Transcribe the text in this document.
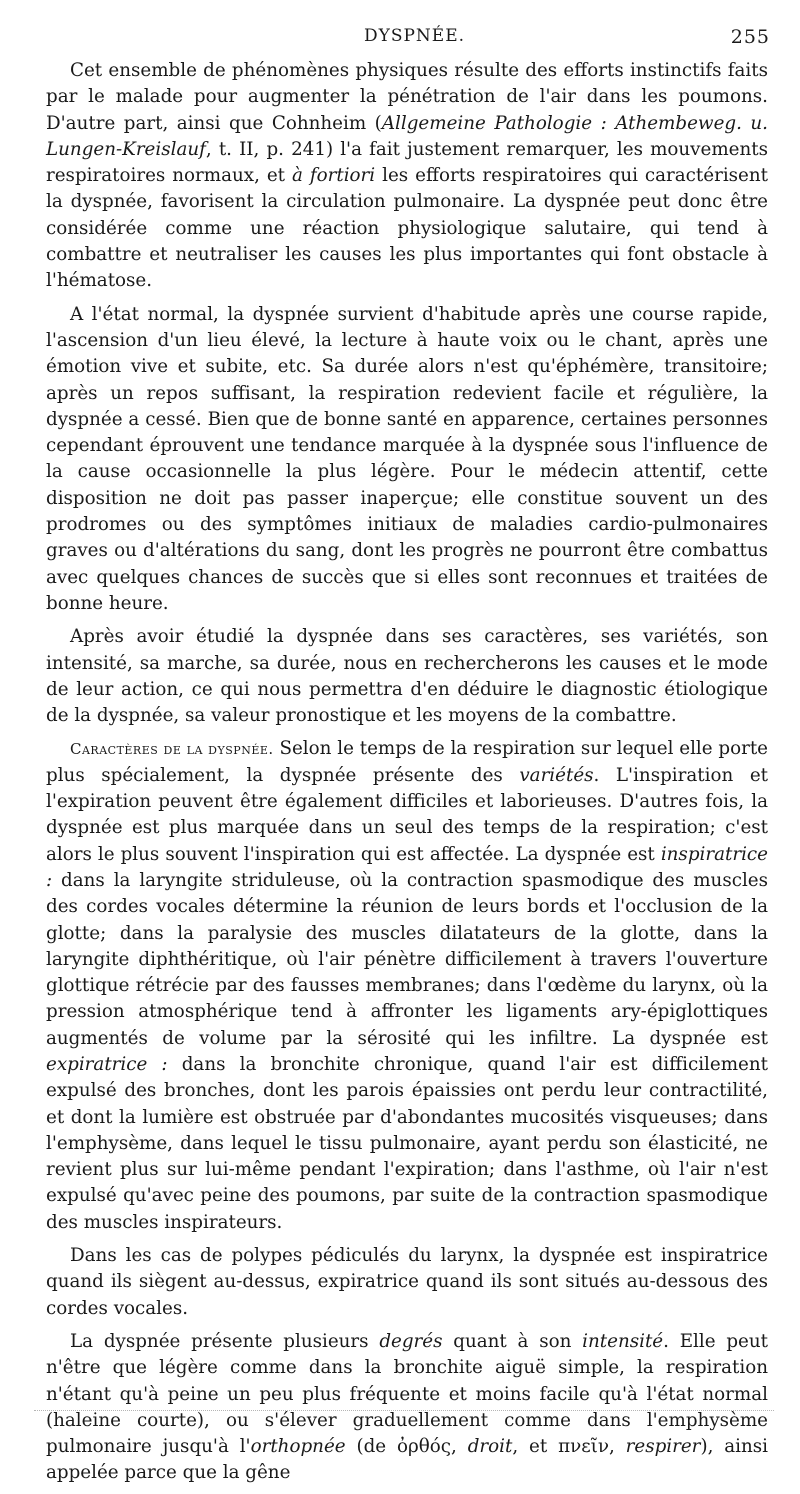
DYSPNÉE.	255

Cet ensemble de phénomènes physiques résulte des efforts instinctifs faits par le malade pour augmenter la pénétration de l'air dans les poumons. D'autre part, ainsi que Cohnheim (Allgemeine Pathologie : Athembeweg. u. Lungen-Kreislauf, t. II, p. 241) l'a fait justement remarquer, les mouvements respiratoires normaux, et à fortiori les efforts respiratoires qui caractérisent la dyspnée, favorisent la circulation pulmonaire. La dyspnée peut donc être considérée comme une réaction physiologique salutaire, qui tend à combattre et neutraliser les causes les plus importantes qui font obstacle à l'hématose.

A l'état normal, la dyspnée survient d'habitude après une course rapide, l'ascension d'un lieu élevé, la lecture à haute voix ou le chant, après une émotion vive et subite, etc. Sa durée alors n'est qu'éphémère, transitoire; après un repos suffisant, la respiration redevient facile et régulière, la dyspnée a cessé. Bien que de bonne santé en apparence, certaines personnes cependant éprouvent une tendance marquée à la dyspnée sous l'influence de la cause occasionnelle la plus légère. Pour le médecin attentif, cette disposition ne doit pas passer inaperçue; elle constitue souvent un des prodromes ou des symptômes initiaux de maladies cardio-pulmonaires graves ou d'altérations du sang, dont les progrès ne pourront être combattus avec quelques chances de succès que si elles sont reconnues et traitées de bonne heure.

Après avoir étudié la dyspnée dans ses caractères, ses variétés, son intensité, sa marche, sa durée, nous en rechercherons les causes et le mode de leur action, ce qui nous permettra d'en déduire le diagnostic étiologique de la dyspnée, sa valeur pronostique et les moyens de la combattre.

Caractères de la dyspnée. Selon le temps de la respiration sur lequel elle porte plus spécialement, la dyspnée présente des variétés. L'inspiration et l'expiration peuvent être également difficiles et laborieuses. D'autres fois, la dyspnée est plus marquée dans un seul des temps de la respiration; c'est alors le plus souvent l'inspiration qui est affectée. La dyspnée est inspiratrice : dans la laryngite striduleuse, où la contraction spasmodique des muscles des cordes vocales détermine la réunion de leurs bords et l'occlusion de la glotte; dans la paralysie des muscles dilatateurs de la glotte, dans la laryngite diphthéritique, où l'air pénètre difficilement à travers l'ouverture glottique rétrécie par des fausses membranes; dans l'œdème du larynx, où la pression atmosphérique tend à affronter les ligaments ary-épiglottiques augmentés de volume par la sérosité qui les infiltre. La dyspnée est expiratrice : dans la bronchite chronique, quand l'air est difficilement expulsé des bronches, dont les parois épaissies ont perdu leur contractilité, et dont la lumière est obstruée par d'abondantes mucosités visqueuses; dans l'emphysème, dans lequel le tissu pulmonaire, ayant perdu son élasticité, ne revient plus sur lui-même pendant l'expiration; dans l'asthme, où l'air n'est expulsé qu'avec peine des poumons, par suite de la contraction spasmodique des muscles inspirateurs.

Dans les cas de polypes pédiculés du larynx, la dyspnée est inspiratrice quand ils siègent au-dessus, expiratrice quand ils sont situés au-dessous des cordes vocales.

La dyspnée présente plusieurs degrés quant à son intensité. Elle peut n'être que légère comme dans la bronchite aiguë simple, la respiration n'étant qu'à peine un peu plus fréquente et moins facile qu'à l'état normal (haleine courte), ou s'élever graduellement comme dans l'emphysème pulmonaire jusqu'à l'orthopnée (de ὀρθός, droit, et πνεῖν, respirer), ainsi appelée parce que la gêne
